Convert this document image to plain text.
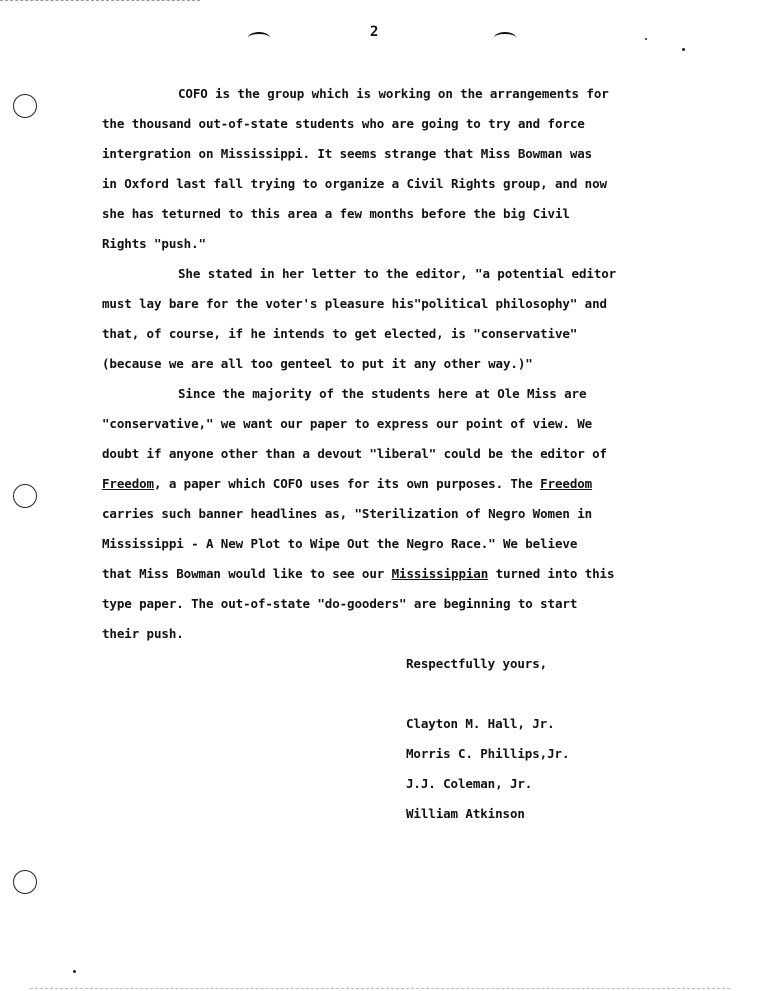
2
COFO is the group which is working on the arrangements for
the thousand out-of-state students who are going to try and force
intergration on Mississippi. It seems strange that Miss Bowman was
in Oxford last fall trying to organize a Civil Rights group, and now
she has teturned to this area a few months before the big Civil
Rights "push."
She stated in her letter to the editor, "a potential editor
must lay bare for the voter's pleasure his"political philosophy" and
that, of course, if he intends to get elected, is "conservative"
(because we are all too genteel to put it any other way.)"
Since the majority of the students here at Ole Miss are
"conservative," we want our paper to express our point of view. We
doubt if anyone other than a devout "liberal" could be the editor of
Freedom, a paper which COFO uses for its own purposes. The Freedom
carries such banner headlines as, "Sterilization of Negro Women in
Mississippi - A New Plot to Wipe Out the Negro Race." We believe
that Miss Bowman would like to see our Mississippian turned into this
type paper. The out-of-state "do-gooders" are beginning to start
their push.
Respectfully yours,
Clayton M. Hall, Jr.
Morris C. Phillips,Jr.
J.J. Coleman, Jr.
William Atkinson
